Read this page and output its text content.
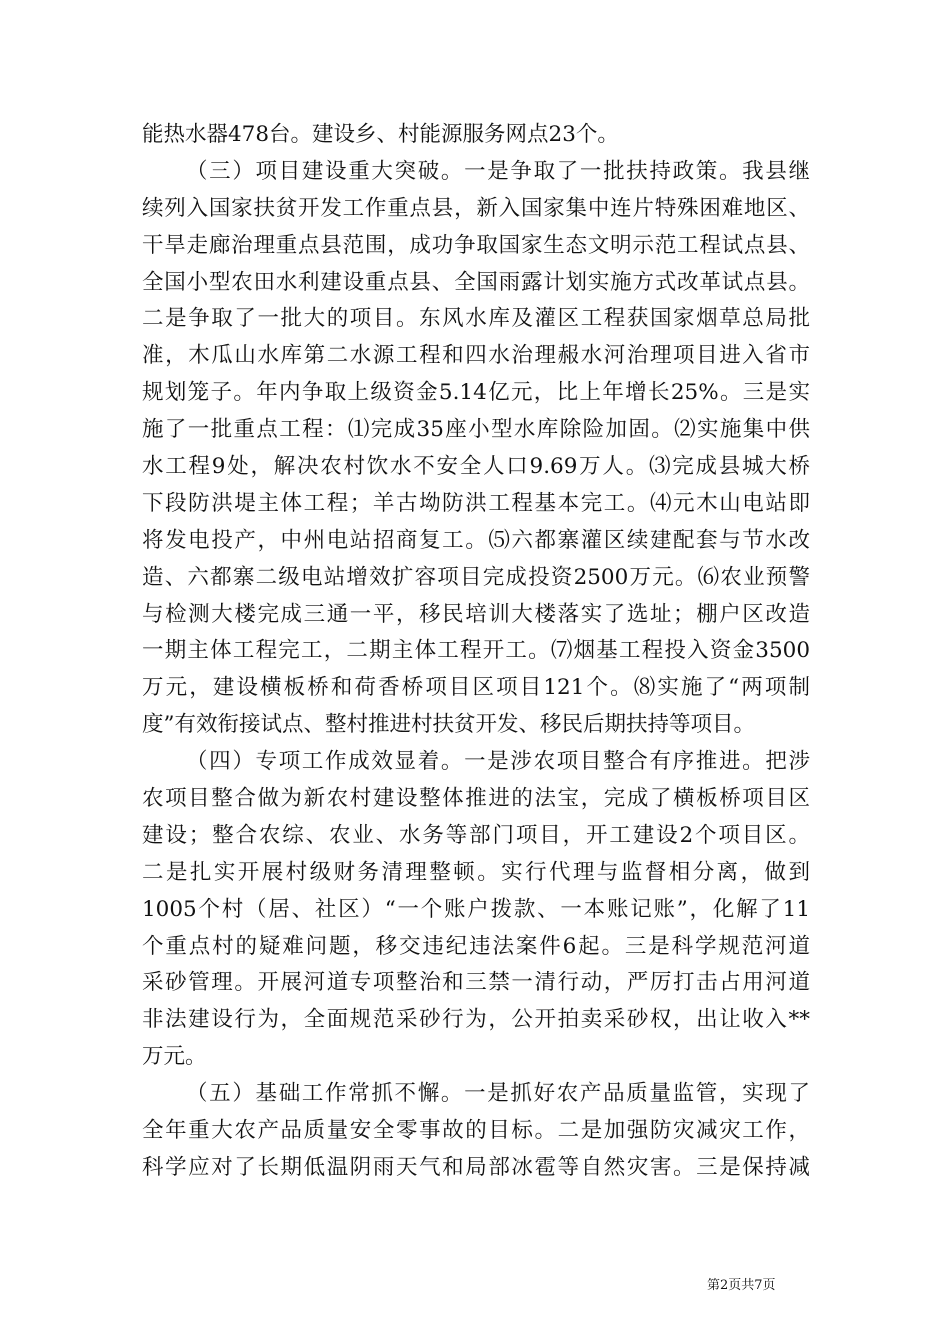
能热水器478台。建设乡、村能源服务网点23个。
（三）项目建设重大突破。一是争取了一批扶持政策。我县继
续列入国家扶贫开发工作重点县，新入国家集中连片特殊困难地区、
干旱走廊治理重点县范围，成功争取国家生态文明示范工程试点县、
全国小型农田水利建设重点县、全国雨露计划实施方式改革试点县。
二是争取了一批大的项目。东风水库及灌区工程获国家烟草总局批
准，木瓜山水库第二水源工程和四水治理赧水河治理项目进入省市
规划笼子。年内争取上级资金5.14亿元，比上年增长25%。三是实
施了一批重点工程：⑴完成35座小型水库除险加固。⑵实施集中供
水工程9处，解决农村饮水不安全人口9.69万人。⑶完成县城大桥
下段防洪堤主体工程；羊古坳防洪工程基本完工。⑷元木山电站即
将发电投产，中州电站招商复工。⑸六都寨灌区续建配套与节水改
造、六都寨二级电站增效扩容项目完成投资2500万元。⑹农业预警
与检测大楼完成三通一平，移民培训大楼落实了选址；棚户区改造
一期主体工程完工，二期主体工程开工。⑺烟基工程投入资金3500
万元，建设横板桥和荷香桥项目区项目121个。⑻实施了“两项制
度”有效衔接试点、整村推进村扶贫开发、移民后期扶持等项目。
（四）专项工作成效显着。一是涉农项目整合有序推进。把涉
农项目整合做为新农村建设整体推进的法宝，完成了横板桥项目区
建设；整合农综、农业、水务等部门项目，开工建设2个项目区。
二是扎实开展村级财务清理整顿。实行代理与监督相分离，做到
1005个村（居、社区）“一个账户拨款、一本账记账”，化解了11
个重点村的疑难问题，移交违纪违法案件6起。三是科学规范河道
采砂管理。开展河道专项整治和三禁一清行动，严厉打击占用河道
非法建设行为，全面规范采砂行为，公开拍卖采砂权，出让收入**
万元。
（五）基础工作常抓不懈。一是抓好农产品质量监管，实现了
全年重大农产品质量安全零事故的目标。二是加强防灾减灾工作，
科学应对了长期低温阴雨天气和局部冰雹等自然灾害。三是保持减
第2页共7页
